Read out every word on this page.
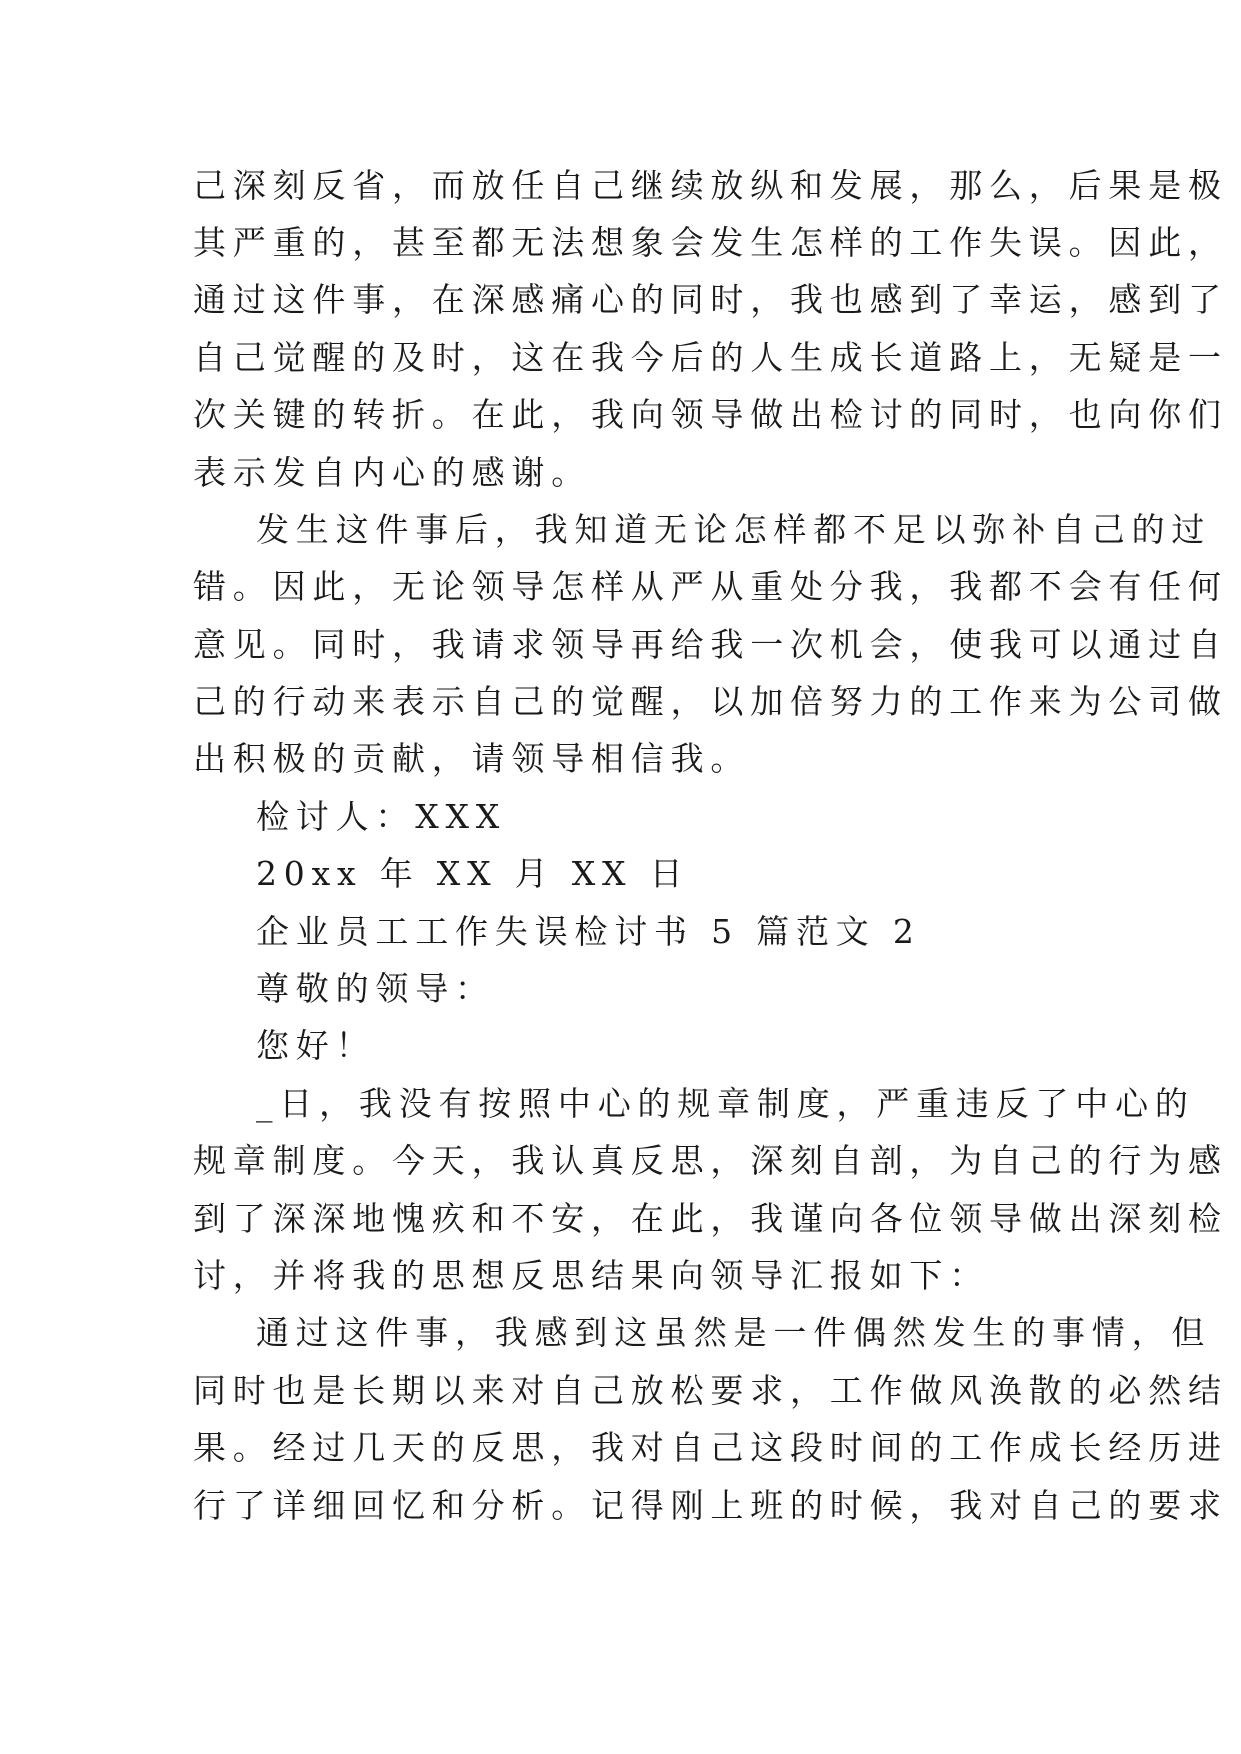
己深刻反省，而放任自己继续放纵和发展，那么，后果是极
其严重的，甚至都无法想象会发生怎样的工作失误。因此，
通过这件事，在深感痛心的同时，我也感到了幸运，感到了
自己觉醒的及时，这在我今后的人生成长道路上，无疑是一
次关键的转折。在此，我向领导做出检讨的同时，也向你们
表示发自内心的感谢。
发生这件事后，我知道无论怎样都不足以弥补自己的过
错。因此，无论领导怎样从严从重处分我，我都不会有任何
意见。同时，我请求领导再给我一次机会，使我可以通过自
己的行动来表示自己的觉醒，以加倍努力的工作来为公司做
出积极的贡献，请领导相信我。
检讨人：XXX
20xx 年 XX 月 XX 日
企业员工工作失误检讨书 5 篇范文 2
尊敬的领导：
您好！
_日，我没有按照中心的规章制度，严重违反了中心的
规章制度。今天，我认真反思，深刻自剖，为自己的行为感
到了深深地愧疚和不安，在此，我谨向各位领导做出深刻检
讨，并将我的思想反思结果向领导汇报如下：
通过这件事，我感到这虽然是一件偶然发生的事情，但
同时也是长期以来对自己放松要求，工作做风涣散的必然结
果。经过几天的反思，我对自己这段时间的工作成长经历进
行了详细回忆和分析。记得刚上班的时候，我对自己的要求
